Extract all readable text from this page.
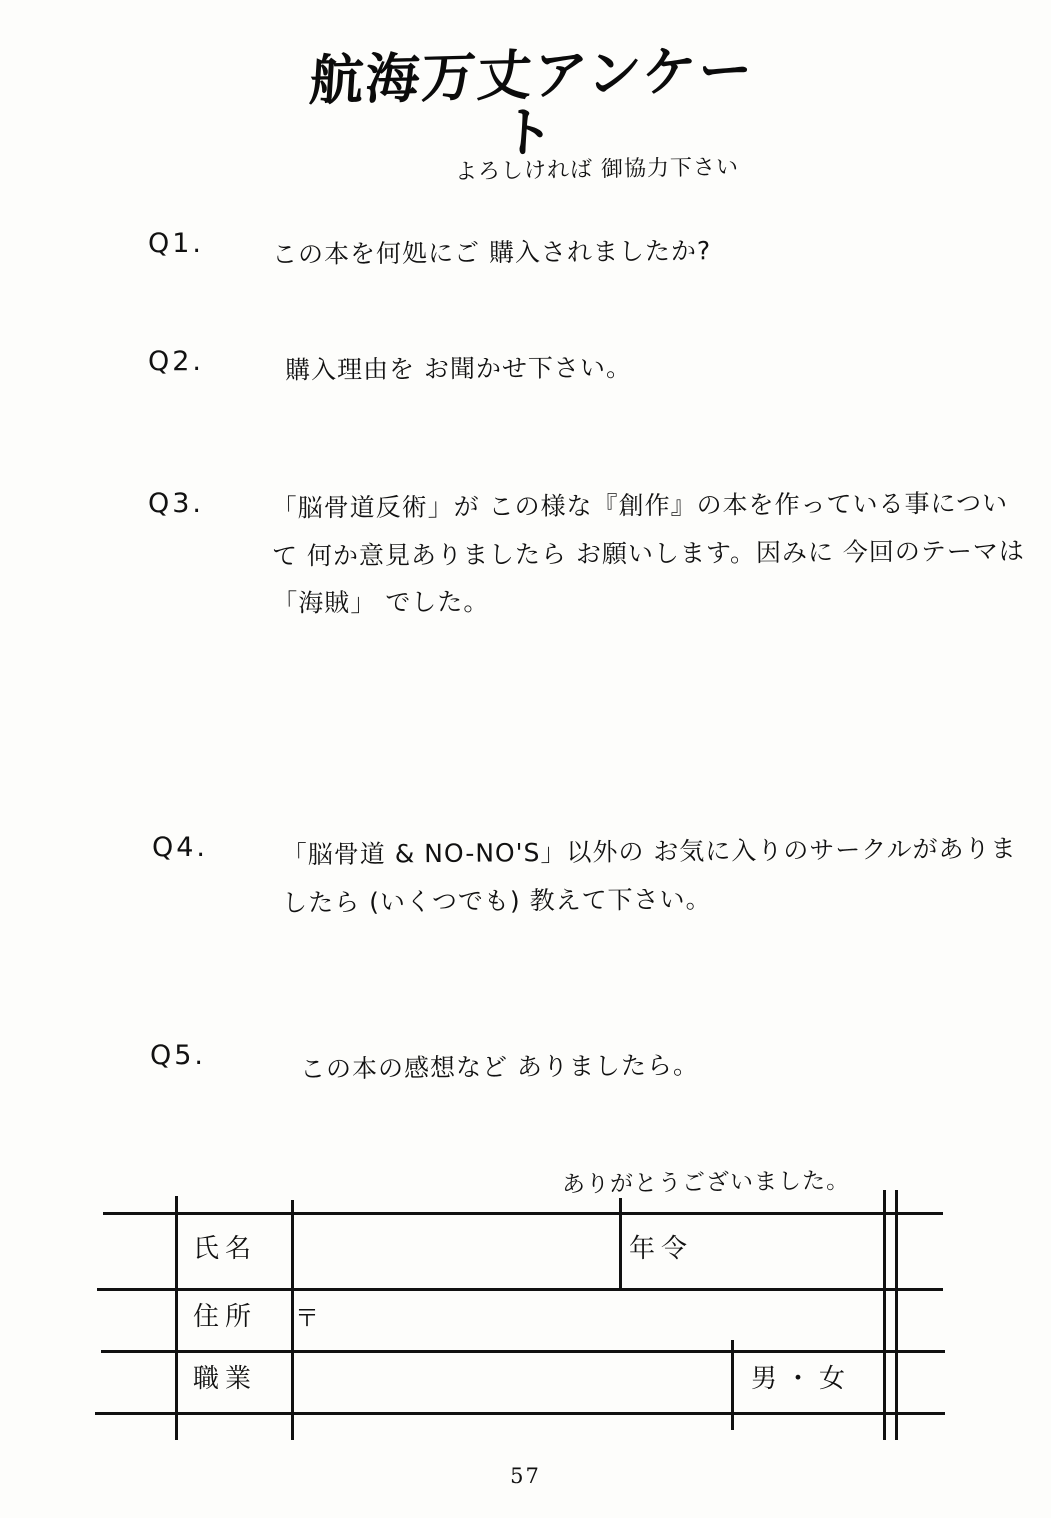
航海万丈アンケート
よろしければ 御協力下さい
Q1.	この本を何処にご 購入されましたか?
Q2.	購入理由を お聞かせ下さい。
Q3.	「脳骨道反術」が この様な『創作』の本を作っている事について 何か意見ありましたら お願いします。因みに 今回のテーマは 「海賊」 でした。
Q4.	「脳骨道 & NO-NO'S」以外の お気に入りのサークルがありましたら (いくつでも) 教えて下さい。
Q5.	この本の感想など ありましたら。
ありがとうございました。
氏名	年令
住所 〒
職業	男・女
57
